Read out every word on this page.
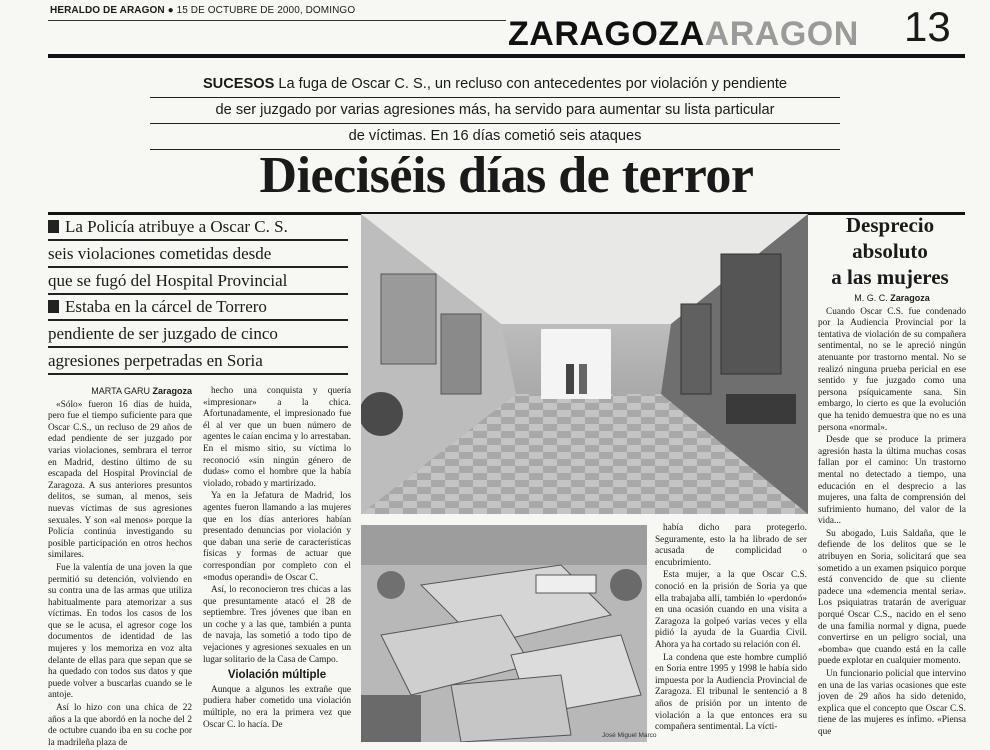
HERALDO DE ARAGON ● 15 DE OCTUBRE DE 2000, DOMINGO
ZARAGOZAARAGON 13
SUCESOS La fuga de Oscar C. S., un recluso con antecedentes por violación y pendiente
de ser juzgado por varias agresiones más, ha servido para aumentar su lista particular
de víctimas. En 16 días cometió seis ataques
Dieciséis días de terror
La Policía atribuye a Oscar C. S.
seis violaciones cometidas desde
que se fugó del Hospital Provincial
Estaba en la cárcel de Torrero
pendiente de ser juzgado de cinco
agresiones perpetradas en Soria
MARTA GARU Zaragoza

«Sólo» fueron 16 días de huida, pero fue el tiempo suficiente para que Oscar C.S., un recluso de 29 años de edad pendiente de ser juzgado por varias violaciones, sembrara el terror en Madrid, destino último de su escapada del Hospital Provincial de Zaragoza. A sus anteriores presuntos delitos, se suman, al menos, seis nuevas víctimas de sus agresiones sexuales. Y son «al menos» porque la Policía continúa investigando su posible participación en otros hechos similares.

Fue la valentía de una joven la que permitió su detención, volviendo en su contra una de las armas que utiliza habitualmente para atemorizar a sus víctimas. En todos los casos de los que se le acusa, el agresor coge los documentos de identidad de las mujeres y los memoriza en voz alta delante de ellas para que sepan que se ha quedado con todos sus datos y que puede volver a buscarlas cuando se le antoje.

Así lo hizo con una chica de 22 años a la que abordó en la noche del 2 de octubre cuando iba en su coche por la madrileña plaza de

hecho una conquista y quería «impresionar» a la chica. Afortunadamente, el impresionado fue él al ver que un buen número de agentes le caían encima y lo arrestaban. En el mismo sitio, su víctima lo reconoció «sin ningún género de dudas» como el hombre que la había violado, robado y martirizado.

Ya en la Jefatura de Madrid, los agentes fueron llamando a las mujeres que en los días anteriores habían presentado denuncias por violación y que daban una serie de características físicas y formas de actuar que correspondían por completo con el «modus operandi» de Oscar C.

Así, lo reconocieron tres chicas a las que presuntamente atacó el 28 de septiembre. Tres jóvenes que iban en un coche y a las que, también a punta de navaja, las sometió a todo tipo de vejaciones y agresiones sexuales en un lugar solitario de la Casa de Campo.

Violación múltiple

Aunque a algunos les extrañe que pudiera haber cometido una violación múltiple, no era la primera vez que Oscar C. lo hacía. De

José Miguel Marco

había dicho para protegerlo. Seguramente, esto la ha librado de ser acusada de complicidad o encubrimiento.

Esta mujer, a la que Oscar C.S. conoció en la prisión de Soria ya que ella trabajaba allí, también lo «perdonó» en una ocasión cuando en una visita a Zaragoza la golpeó varias veces y ella pidió la ayuda de la Guardia Civil. Ahora ya ha cortado su relación con él.

La condena que este hombre cumplió en Soria entre 1995 y 1998 le había sido impuesta por la Audiencia Provincial de Zaragoza. El tribunal le sentenció a 8 años de prisión por un intento de violación a la que entonces era su compañera sentimental. La vícti-

Desprecio
absoluto
a las mujeres
M. G. C. Zaragoza

Cuando Oscar C.S. fue condenado por la Audiencia Provincial por la tentativa de violación de su compañera sentimental, no se le apreció ningún atenuante por trastorno mental. No se realizó ninguna prueba pericial en ese sentido y fue juzgado como una persona psíquicamente sana. Sin embargo, lo cierto es que la evolución que ha tenido demuestra que no es una persona «normal».

Desde que se produce la primera agresión hasta la última muchas cosas fallan por el camino: Un trastorno mental no detectado a tiempo, una educación en el desprecio a las mujeres, una falta de comprensión del sufrimiento humano, del valor de la vida...

Su abogado, Luis Saldaña, que le defiende de los delitos que se le atribuyen en Soria, solicitará que sea sometido a un examen psiquico porque está convencido de que su cliente padece una «demencia mental seria». Los psiquiatras tratarán de averiguar porqué Oscar C.S., nacido en el seno de una familia normal y digna, puede convertirse en un peligro social, una «bomba» que cuando está en la calle puede explotar en cualquier momento.

Un funcionario policial que intervino en una de las varias ocasiones que este joven de 29 años ha sido detenido, explica que el concepto que Oscar C.S. tiene de las mujeres es ínfimo. «Piensa que
